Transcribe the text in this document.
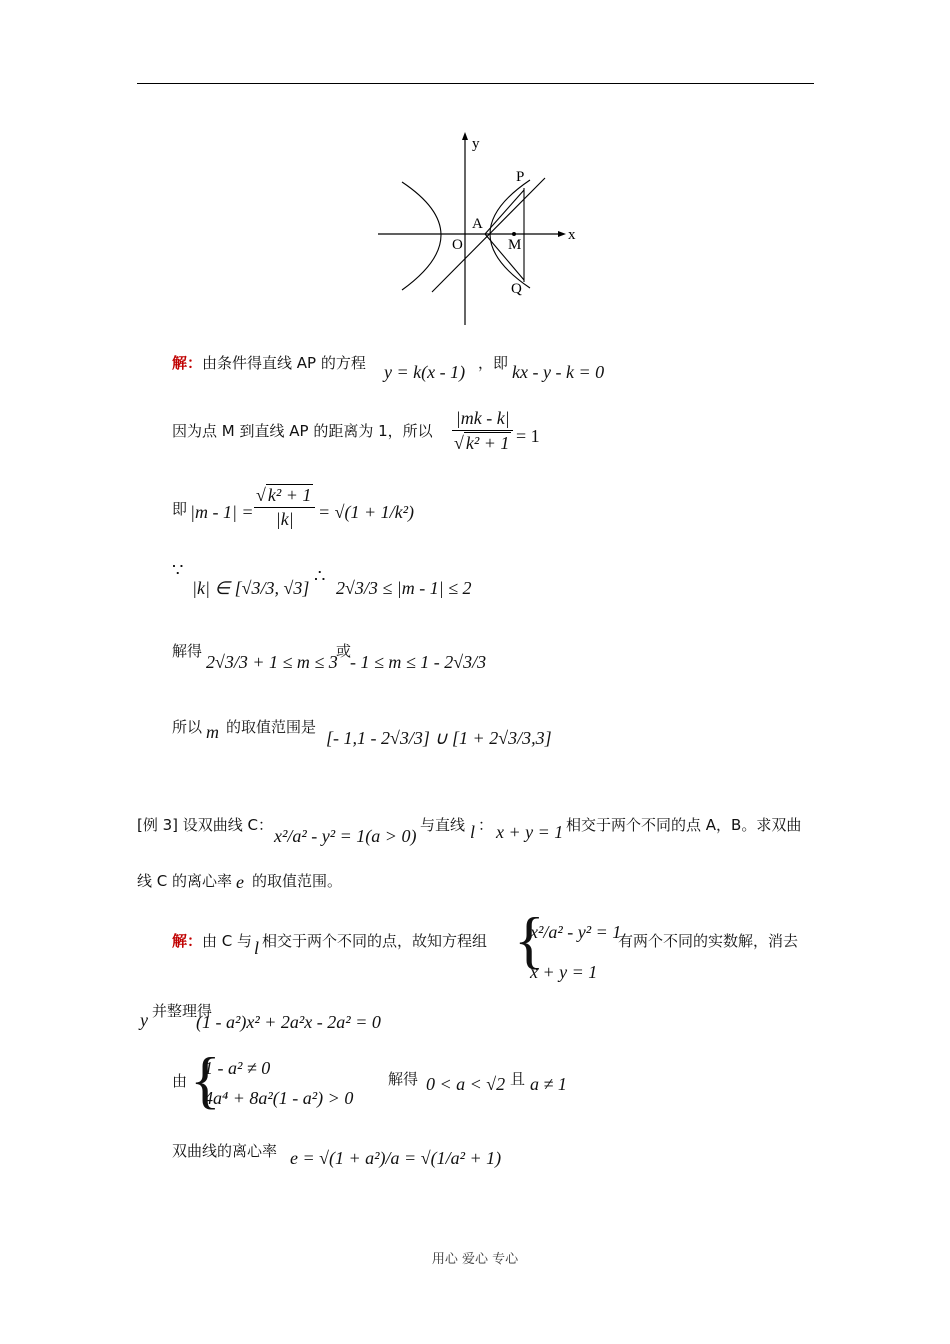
y
x
O
A
M
P
Q
解：由条件得直线 AP 的方程 y = k(x - 1) ，即 kx - y - k = 0
因为点 M 到直线 AP 的距离为 1，所以 $\frac{|mk - k|}{\text{√ k² + 1}} = 1$
即 $|m - 1| = \frac{\text{√ k² + 1}}{|k|} = √(1 + 1/k^2)$
∵
|k| ∈ [√3/3, √3]
∴
2√3/3 ≤ |m - 1| ≤ 2
解得
2√3/3 + 1 ≤ m ≤ 3
或
- 1 ≤ m ≤ 1 - 2√3/3
所以 m 的取值范围是
[- 1,1 - 2√3/3] ∪ [1 + 2√3/3,3]
[例 3] 设双曲线 C：
x²/a² - y² = 1(a > 0)
与直线 l ： x + y = 1 相交于两个不同的点 A，B。求双曲
线 C 的离心率 e 的取值范围。
解：由 C 与 l 相交于两个不同的点，故知方程组 {
x²/a² - y² = 1
x + y = 1
有两个不同的实数解，消去
y 并整理得
(1 - a²)x² + 2a²x - 2a² = 0
由 {
1 - a² ≠ 0
4a⁴ + 8a²(1 - a²) > 0
解得 0 < a < √2 且 a ≠ 1
双曲线的离心率 e = √(1 + a²)/a = √(1/a² + 1)
用心 爱心 专心
